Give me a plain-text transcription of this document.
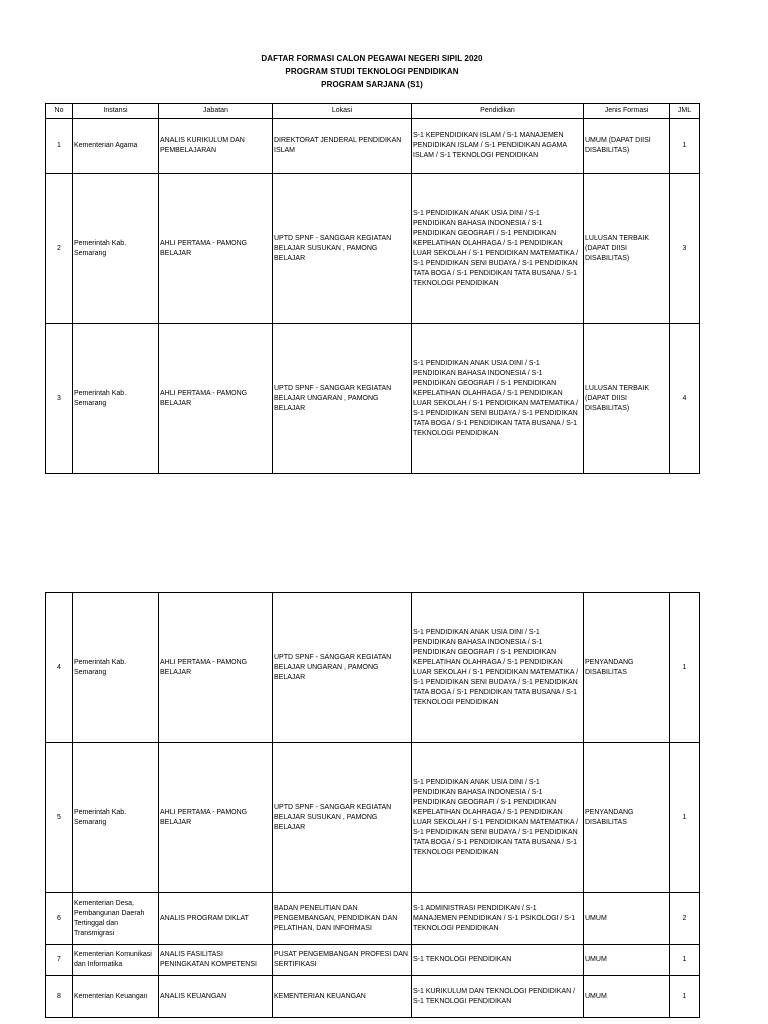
DAFTAR FORMASI CALON PEGAWAI NEGERI SIPIL 2020
PROGRAM STUDI TEKNOLOGI PENDIDIKAN
PROGRAM SARJANA (S1)
No	Instansi	Jabatan	Lokasi	Pendidikan	Jenis Formasi	JML
1	Kementerian Agama	ANALIS KURIKULUM DAN PEMBELAJARAN	DIREKTORAT JENDERAL PENDIDIKAN ISLAM	S-1 KEPENDIDIKAN ISLAM / S-1 MANAJEMEN PENDIDIKAN ISLAM / S-1 PENDIDIKAN AGAMA ISLAM / S-1 TEKNOLOGI PENDIDIKAN	UMUM (DAPAT DIISI DISABILITAS)	1
2	Pemerintah Kab. Semarang	AHLI PERTAMA - PAMONG BELAJAR	UPTD SPNF - SANGGAR KEGIATAN BELAJAR SUSUKAN , PAMONG BELAJAR	S-1 PENDIDIKAN ANAK USIA DINI / S-1 PENDIDIKAN BAHASA INDONESIA / S-1 PENDIDIKAN GEOGRAFI / S-1 PENDIDIKAN KEPELATIHAN OLAHRAGA / S-1 PENDIDIKAN LUAR SEKOLAH / S-1 PENDIDIKAN MATEMATIKA / S-1 PENDIDIKAN SENI BUDAYA / S-1 PENDIDIKAN TATA BOGA / S-1 PENDIDIKAN TATA BUSANA / S-1 TEKNOLOGI PENDIDIKAN	LULUSAN TERBAIK (DAPAT DIISI DISABILITAS)	3
3	Pemerintah Kab. Semarang	AHLI PERTAMA - PAMONG BELAJAR	UPTD SPNF - SANGGAR KEGIATAN BELAJAR UNGARAN , PAMONG BELAJAR	S-1 PENDIDIKAN ANAK USIA DINI / S-1 PENDIDIKAN BAHASA INDONESIA / S-1 PENDIDIKAN GEOGRAFI / S-1 PENDIDIKAN KEPELATIHAN OLAHRAGA / S-1 PENDIDIKAN LUAR SEKOLAH / S-1 PENDIDIKAN MATEMATIKA / S-1 PENDIDIKAN SENI BUDAYA / S-1 PENDIDIKAN TATA BOGA / S-1 PENDIDIKAN TATA BUSANA / S-1 TEKNOLOGI PENDIDIKAN	LULUSAN TERBAIK (DAPAT DIISI DISABILITAS)	4
4	Pemerintah Kab. Semarang	AHLI PERTAMA - PAMONG BELAJAR	UPTD SPNF - SANGGAR KEGIATAN BELAJAR UNGARAN , PAMONG BELAJAR	S-1 PENDIDIKAN ANAK USIA DINI / S-1 PENDIDIKAN BAHASA INDONESIA / S-1 PENDIDIKAN GEOGRAFI / S-1 PENDIDIKAN KEPELATIHAN OLAHRAGA / S-1 PENDIDIKAN LUAR SEKOLAH / S-1 PENDIDIKAN MATEMATIKA / S-1 PENDIDIKAN SENI BUDAYA / S-1 PENDIDIKAN TATA BOGA / S-1 PENDIDIKAN TATA BUSANA / S-1 TEKNOLOGI PENDIDIKAN	PENYANDANG DISABILITAS	1
5	Pemerintah Kab. Semarang	AHLI PERTAMA - PAMONG BELAJAR	UPTD SPNF - SANGGAR KEGIATAN BELAJAR SUSUKAN , PAMONG BELAJAR	S-1 PENDIDIKAN ANAK USIA DINI / S-1 PENDIDIKAN BAHASA INDONESIA / S-1 PENDIDIKAN GEOGRAFI / S-1 PENDIDIKAN KEPELATIHAN OLAHRAGA / S-1 PENDIDIKAN LUAR SEKOLAH / S-1 PENDIDIKAN MATEMATIKA / S-1 PENDIDIKAN SENI BUDAYA / S-1 PENDIDIKAN TATA BOGA / S-1 PENDIDIKAN TATA BUSANA / S-1 TEKNOLOGI PENDIDIKAN	PENYANDANG DISABILITAS	1
6	Kementerian Desa, Pembangunan Daerah Tertinggal dan Transmigrasi	ANALIS PROGRAM DIKLAT	BADAN PENELITIAN DAN PENGEMBANGAN, PENDIDIKAN DAN PELATIHAN, DAN INFORMASI	S-1 ADMINISTRASI PENDIDIKAN / S-1 MANAJEMEN PENDIDIKAN / S-1 PSIKOLOGI / S-1 TEKNOLOGI PENDIDIKAN	UMUM	2
7	Kementerian Komunikasi dan Informatika	ANALIS FASILITASI PENINGKATAN KOMPETENSI	PUSAT PENGEMBANGAN PROFESI DAN SERTIFIKASI	S-1 TEKNOLOGI PENDIDIKAN	UMUM	1
8	Kementerian Keuangan	ANALIS KEUANGAN	KEMENTERIAN KEUANGAN	S-1 KURIKULUM DAN TEKNOLOGI PENDIDIKAN / S-1 TEKNOLOGI PENDIDIKAN	UMUM	1
